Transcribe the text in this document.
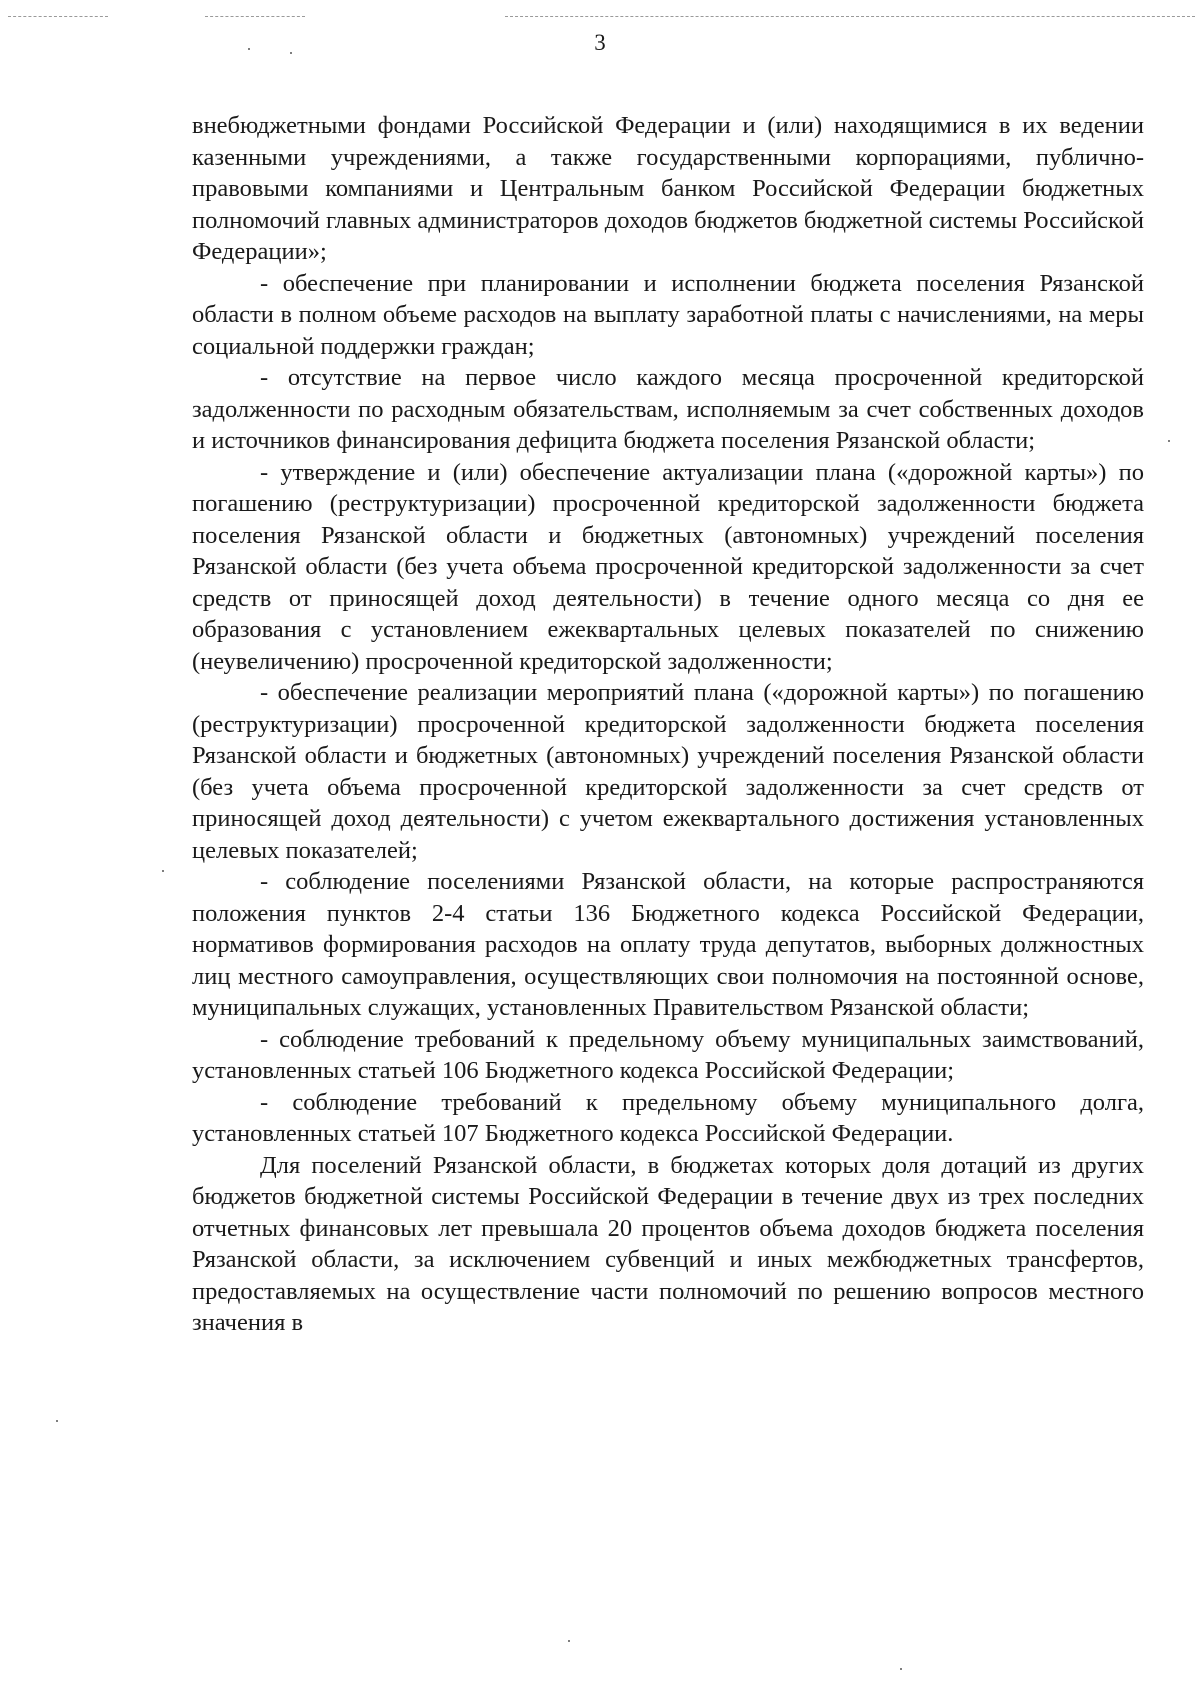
3

внебюджетными фондами Российской Федерации и (или) находящимися в их ведении казенными учреждениями, а также государственными корпорациями, публично-правовыми компаниями и Центральным банком Российской Федерации бюджетных полномочий главных администраторов доходов бюджетов бюджетной системы Российской Федерации»;

- обеспечение при планировании и исполнении бюджета поселения Рязанской области в полном объеме расходов на выплату заработной платы с начислениями, на меры социальной поддержки граждан;

- отсутствие на первое число каждого месяца просроченной кредиторской задолженности по расходным обязательствам, исполняемым за счет собственных доходов и источников финансирования дефицита бюджета поселения Рязанской области;

- утверждение и (или) обеспечение актуализации плана («дорожной карты») по погашению (реструктуризации) просроченной кредиторской задолженности бюджета поселения Рязанской области и бюджетных (автономных) учреждений поселения Рязанской области (без учета объема просроченной кредиторской задолженности за счет средств от приносящей доход деятельности) в течение одного месяца со дня ее образования с установлением ежеквартальных целевых показателей по снижению (неувеличению) просроченной кредиторской задолженности;

- обеспечение реализации мероприятий плана («дорожной карты») по погашению (реструктуризации) просроченной кредиторской задолженности бюджета поселения Рязанской области и бюджетных (автономных) учреждений поселения Рязанской области (без учета объема просроченной кредиторской задолженности за счет средств от приносящей доход деятельности) с учетом ежеквартального достижения установленных целевых показателей;

- соблюдение поселениями Рязанской области, на которые распространяются положения пунктов 2-4 статьи 136 Бюджетного кодекса Российской Федерации, нормативов формирования расходов на оплату труда депутатов, выборных должностных лиц местного самоуправления, осуществляющих свои полномочия на постоянной основе, муниципальных служащих, установленных Правительством Рязанской области;

- соблюдение требований к предельному объему муниципальных заимствований, установленных статьей 106 Бюджетного кодекса Российской Федерации;

- соблюдение требований к предельному объему муниципального долга, установленных статьей 107 Бюджетного кодекса Российской Федерации.

Для поселений Рязанской области, в бюджетах которых доля дотаций из других бюджетов бюджетной системы Российской Федерации в течение двух из трех последних отчетных финансовых лет превышала 20 процентов объема доходов бюджета поселения Рязанской области, за исключением субвенций и иных межбюджетных трансфертов, предоставляемых на осуществление части полномочий по решению вопросов местного значения в
